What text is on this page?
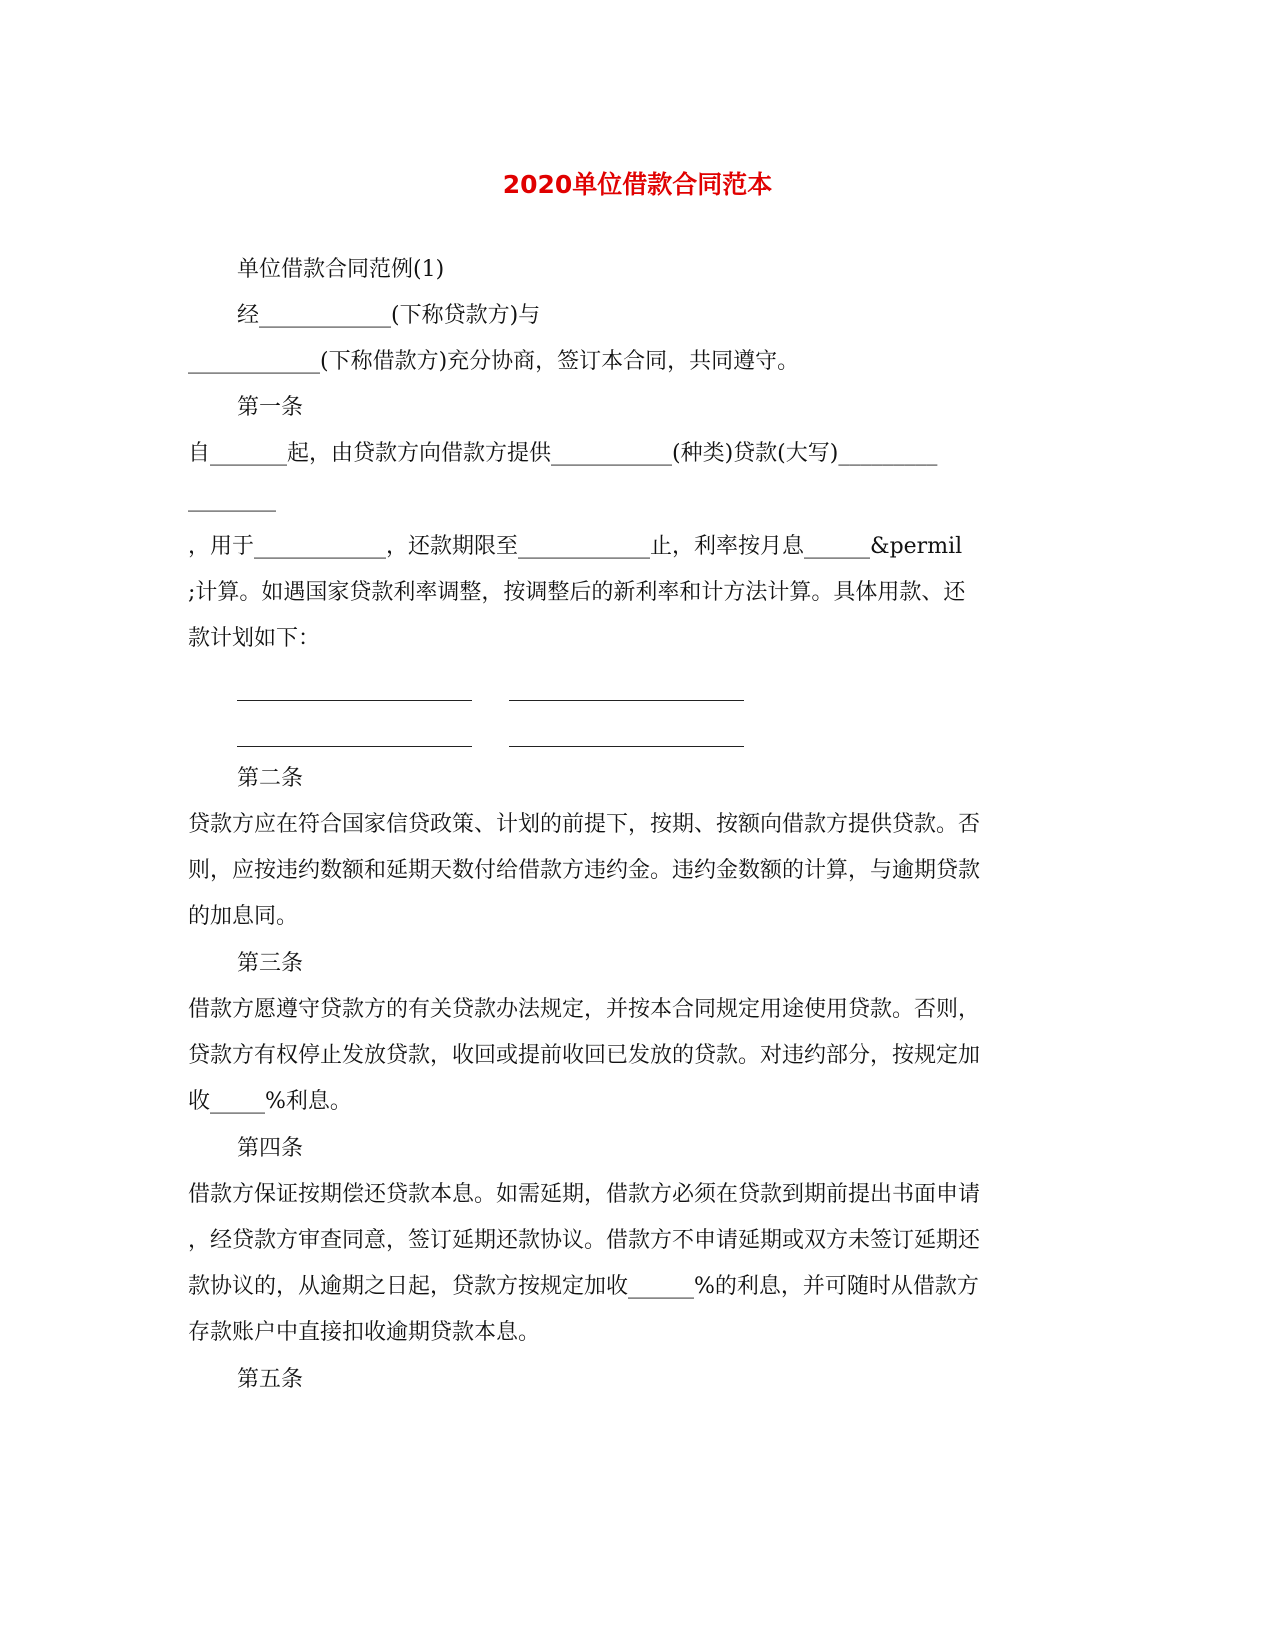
2020单位借款合同范本

单位借款合同范例(1)

经____________(下称贷款方)与

____________(下称借款方)充分协商，签订本合同，共同遵守。

第一条

自_______起，由贷款方向借款方提供___________(种类)贷款(大写)_________

________

，用于____________，还款期限至____________止，利率按月息______&permil

;计算。如遇国家贷款利率调整，按调整后的新利率和计方法计算。具体用款、还

款计划如下：

第二条

贷款方应在符合国家信贷政策、计划的前提下，按期、按额向借款方提供贷款。否

则，应按违约数额和延期天数付给借款方违约金。违约金数额的计算，与逾期贷款

的加息同。

第三条

借款方愿遵守贷款方的有关贷款办法规定，并按本合同规定用途使用贷款。否则，

贷款方有权停止发放贷款，收回或提前收回已发放的贷款。对违约部分，按规定加

收_____%利息。

第四条

借款方保证按期偿还贷款本息。如需延期，借款方必须在贷款到期前提出书面申请

，经贷款方审查同意，签订延期还款协议。借款方不申请延期或双方未签订延期还

款协议的，从逾期之日起，贷款方按规定加收______%的利息，并可随时从借款方

存款账户中直接扣收逾期贷款本息。

第五条
